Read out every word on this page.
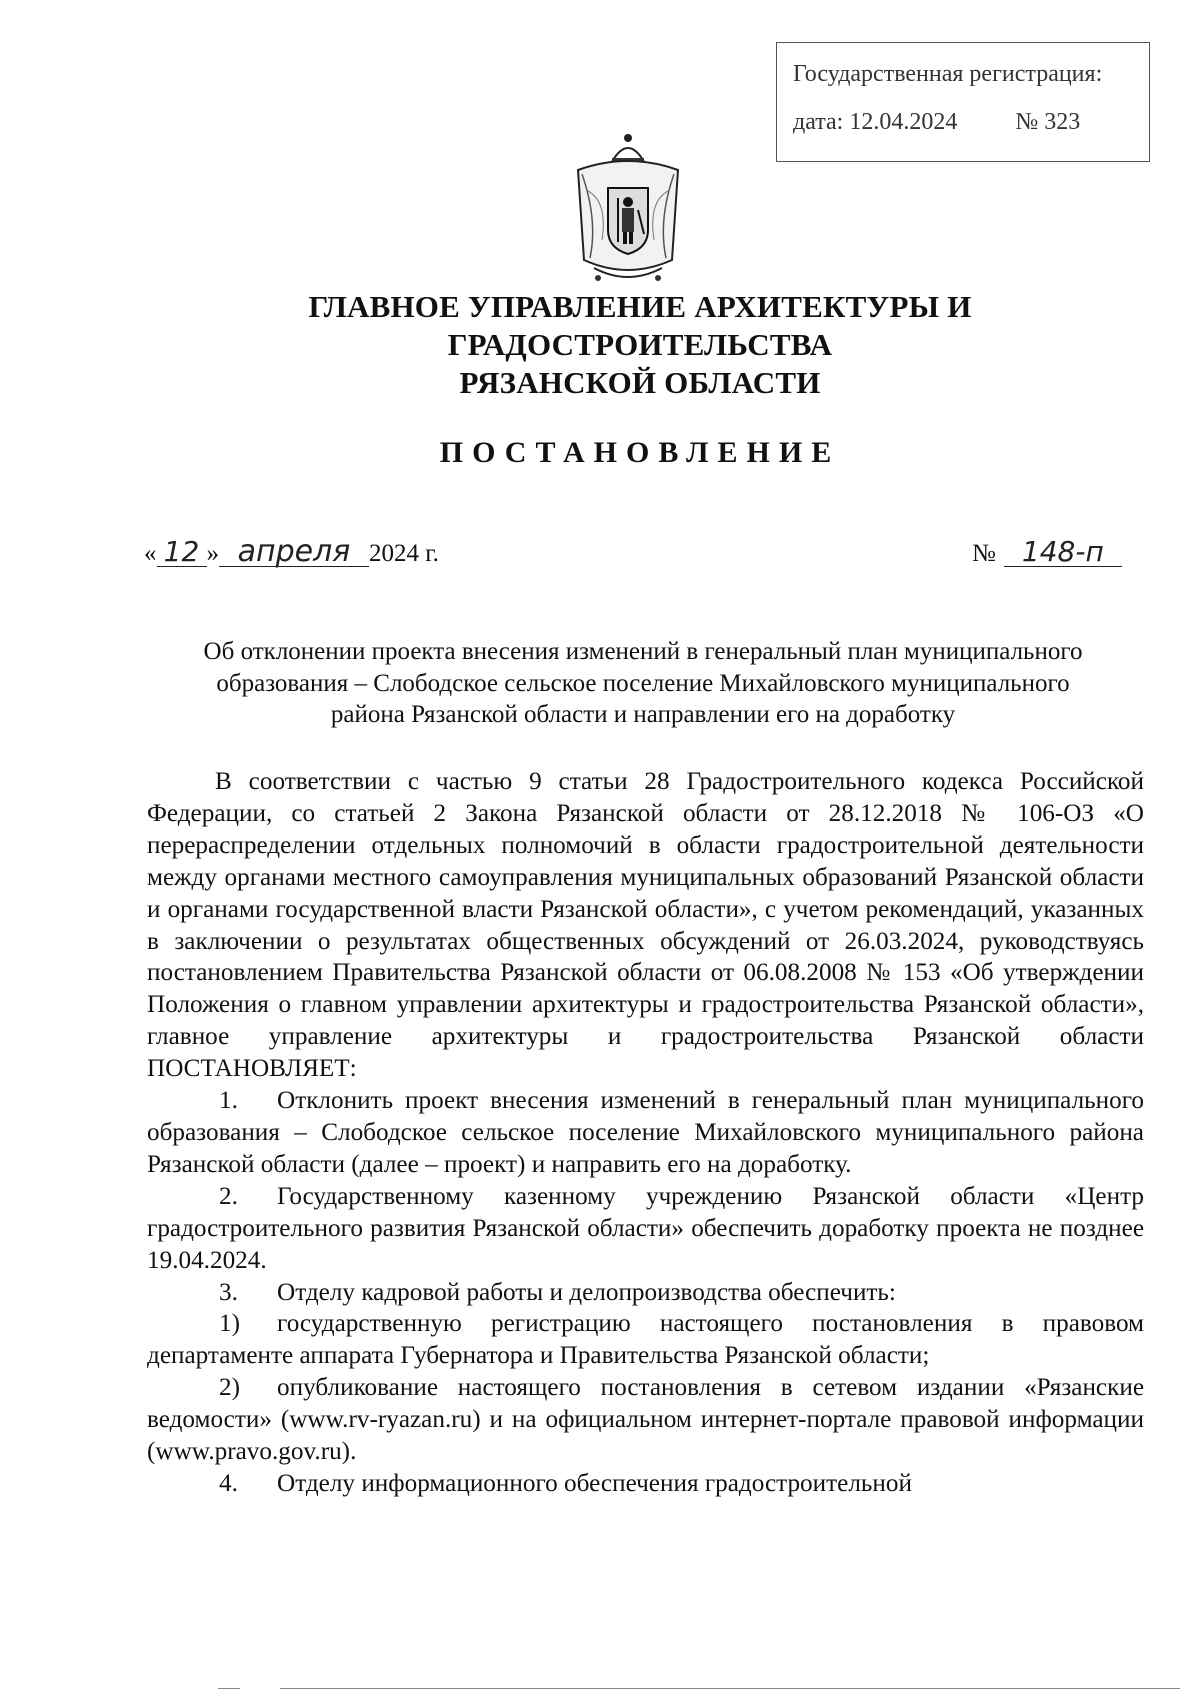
Государственная регистрация:
дата: 12.04.2024 № 323
ГЛАВНОЕ УПРАВЛЕНИЕ АРХИТЕКТУРЫ И ГРАДОСТРОИТЕЛЬСТВА
РЯЗАНСКОЙ ОБЛАСТИ
ПОСТАНОВЛЕНИЕ
« 12 » апреля 2024 г.	№ 148-п
Об отклонении проекта внесения изменений в генеральный план муниципального
образования – Слободское сельское поселение Михайловского муниципального
района Рязанской области и направлении его на доработку

В соответствии с частью 9 статьи 28 Градостроительного кодекса Российской Федерации, со статьей 2 Закона Рязанской области от 28.12.2018 № 106-ОЗ «О перераспределении отдельных полномочий в области градостроительной деятельности между органами местного самоуправления муниципальных образований Рязанской области и органами государственной власти Рязанской области», с учетом рекомендаций, указанных в заключении о результатах общественных обсуждений от 26.03.2024, руководствуясь постановлением Правительства Рязанской области от 06.08.2008 № 153 «Об утверждении Положения о главном управлении архитектуры и градостроительства Рязанской области», главное управление архитектуры и градостроительства Рязанской области ПОСТАНОВЛЯЕТ:

1. Отклонить проект внесения изменений в генеральный план муниципального образования – Слободское сельское поселение Михайловского муниципального района Рязанской области (далее – проект) и направить его на доработку.

2. Государственному казенному учреждению Рязанской области «Центр градостроительного развития Рязанской области» обеспечить доработку проекта не позднее 19.04.2024.

3. Отделу кадровой работы и делопроизводства обеспечить:

1) государственную регистрацию настоящего постановления в правовом департаменте аппарата Губернатора и Правительства Рязанской области;

2) опубликование настоящего постановления в сетевом издании «Рязанские ведомости» (www.rv-ryazan.ru) и на официальном интернет-портале правовой информации (www.pravo.gov.ru).

4. Отделу информационного обеспечения градостроительной
